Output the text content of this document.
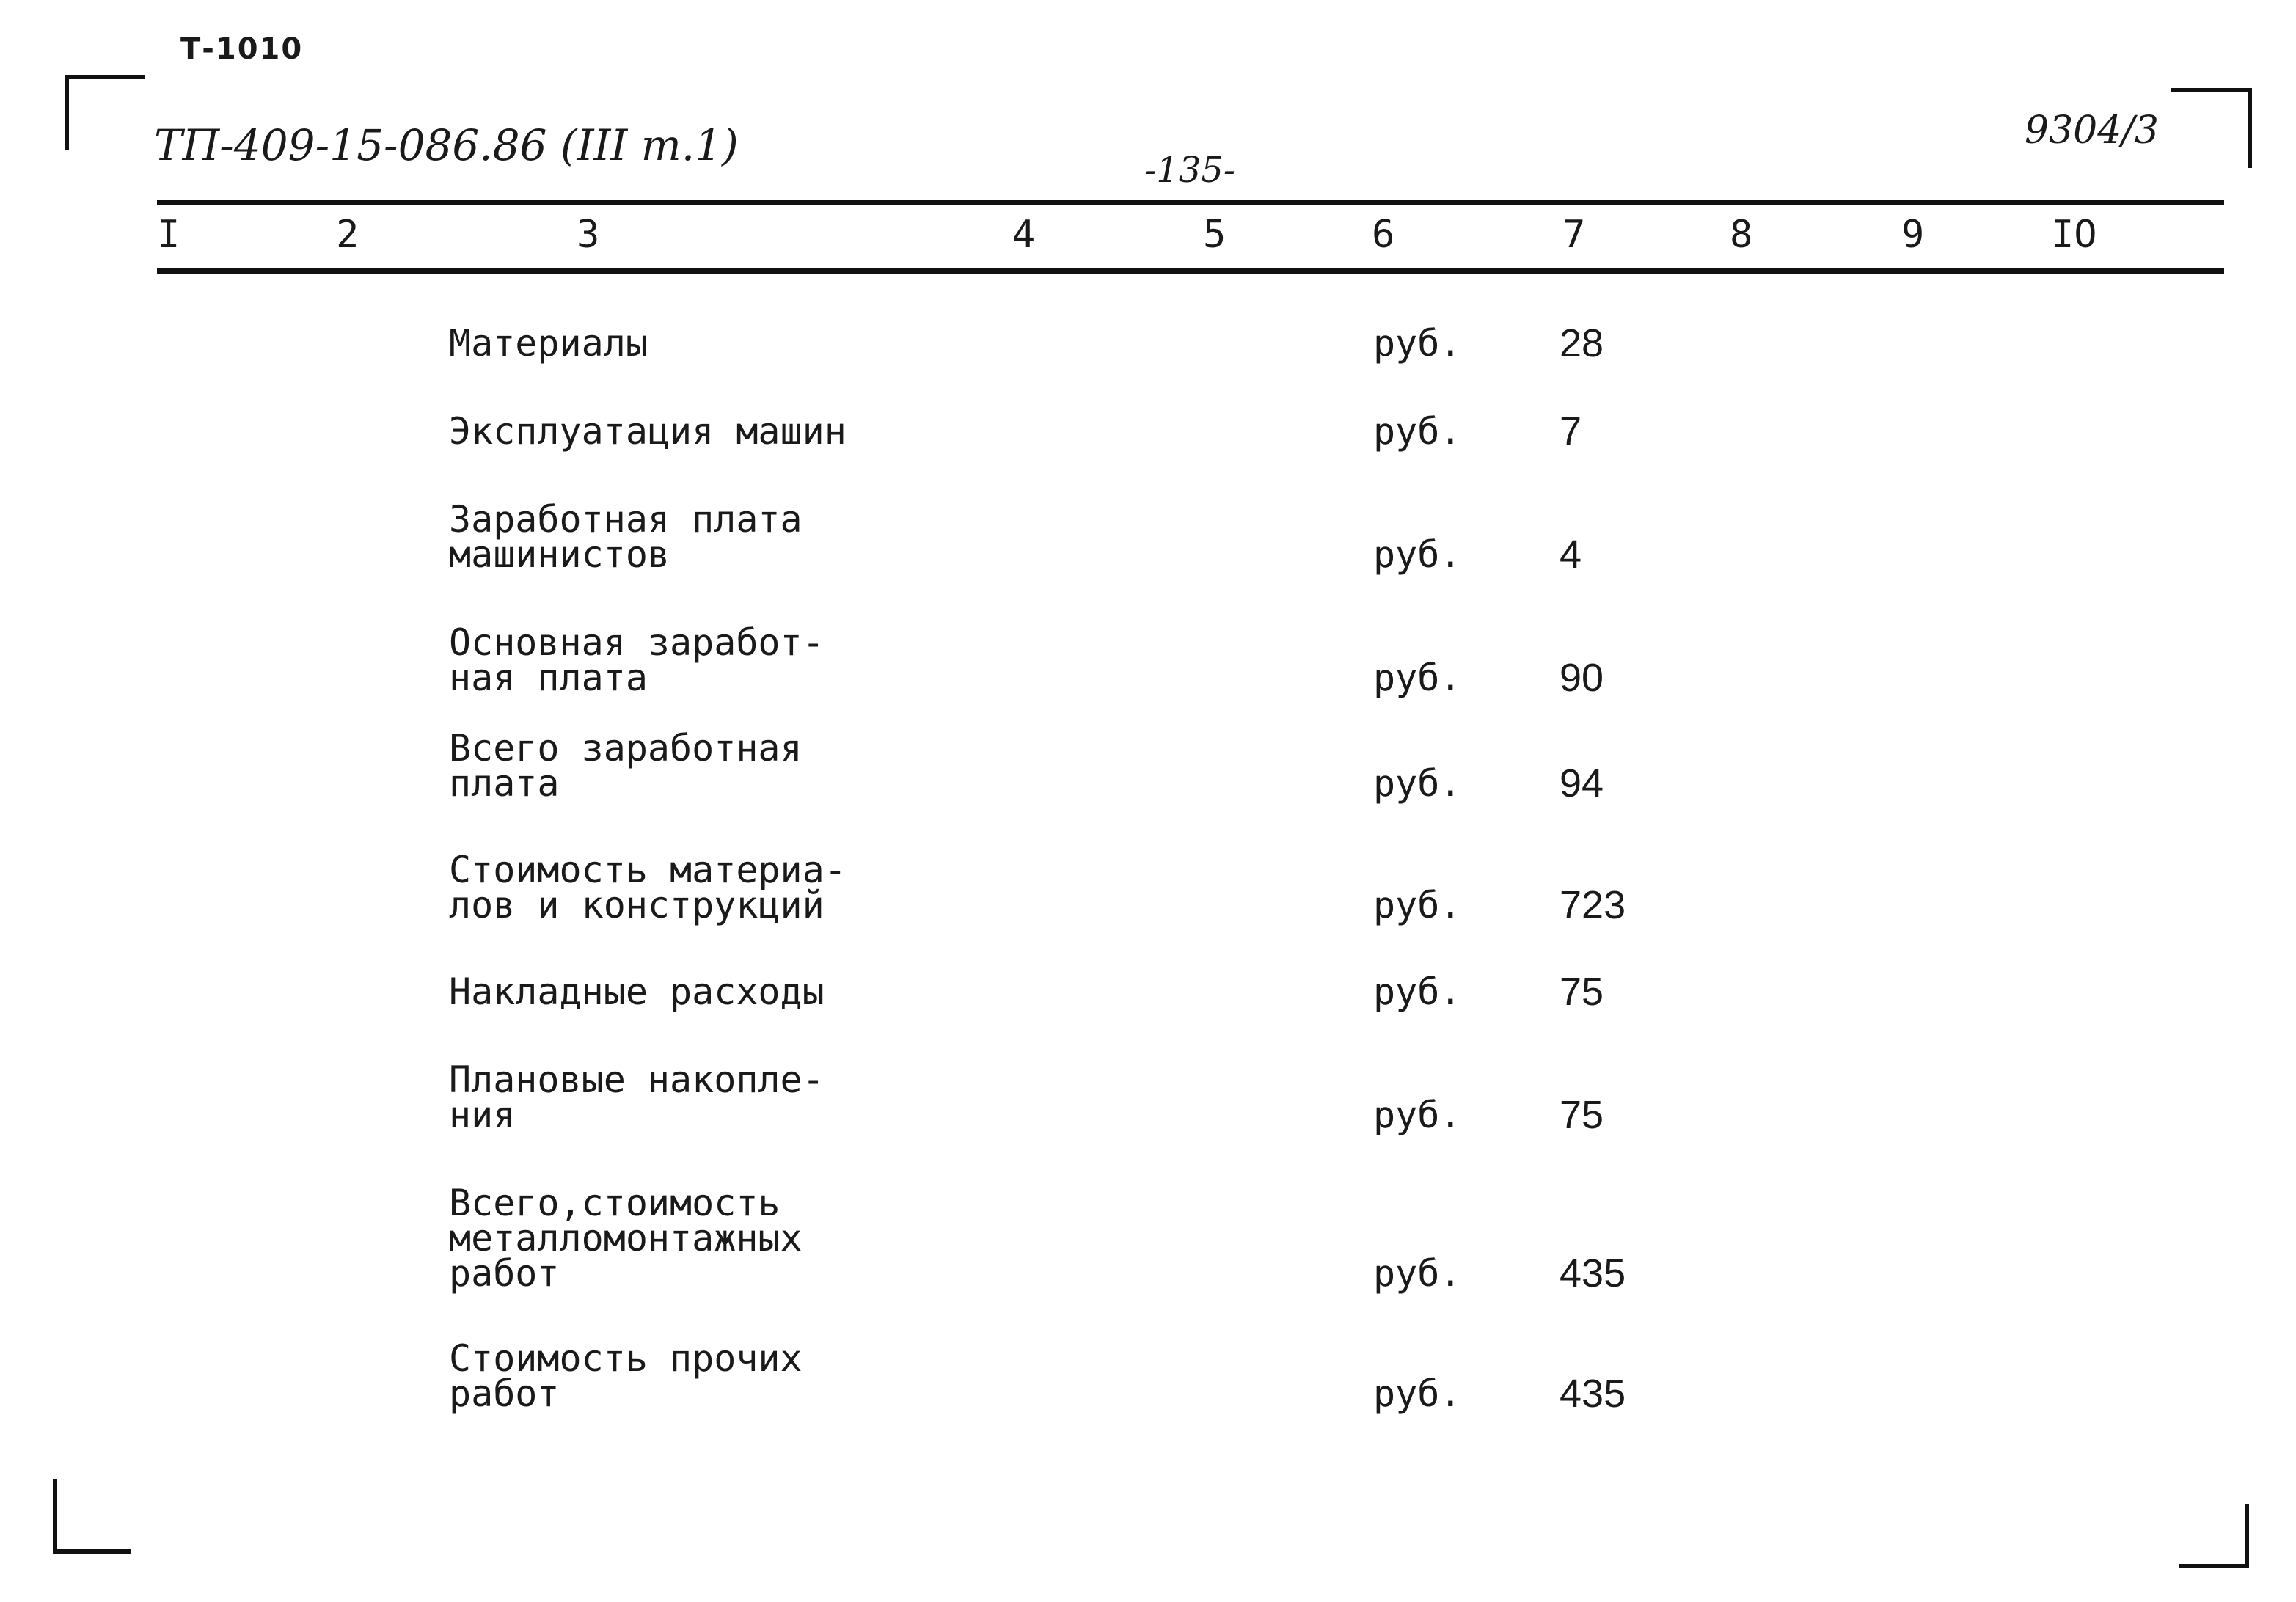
Т-1010
ТП-409-15-086.86 (III т.1)	-135-
9304/3
I	2	3	4	5	6	7	8	9	IO
Материалы	руб. 28
Эксплуатация машин	руб. 7
Заработная плата
машинистов	руб. 4
Основная заработ-
ная плата	руб. 90
Всего заработная
плата	руб. 94
Стоимость материа-
лов и конструкций	руб. 723
Накладные расходы	руб. 75
Плановые накопле-
ния	руб. 75
Всего,стоимость
металломонтажных
работ	руб. 435
Стоимость прочих
работ	руб. 435
